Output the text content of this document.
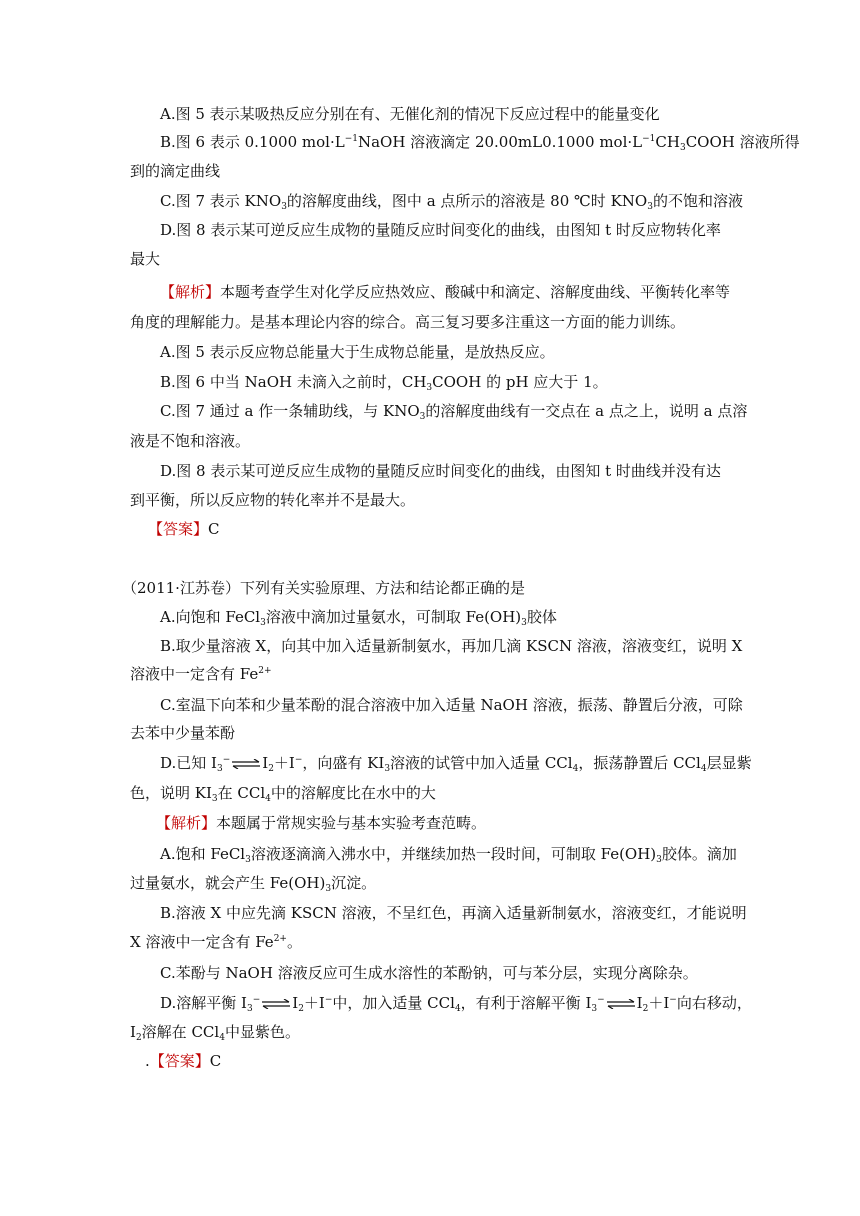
A.图 5 表示某吸热反应分别在有、无催化剂的情况下反应过程中的能量变化
B.图 6 表示 0.1000 $mol\cdot L^{-1}NaOH$ 溶液滴定 20.00mL0.1000 $mol\cdot L^{-1}CH_3COOH$ 溶液所得
到的滴定曲线
C.图 7 表示 $KNO_3$的溶解度曲线，图中 a 点所示的溶液是 80 ℃时 $KNO_3$的不饱和溶液
D.图 8 表示某可逆反应生成物的量随反应时间变化的曲线，由图知 t 时反应物转化率
最大
【解析】本题考查学生对化学反应热效应、酸碱中和滴定、溶解度曲线、平衡转化率等
角度的理解能力。是基本理论内容的综合。高三复习要多注重这一方面的能力训练。
A.图 5 表示反应物总能量大于生成物总能量，是放热反应。
B.图 6 中当 NaOH 未滴入之前时，$CH_3COOH$ 的 pH 应大于 1。
C.图 7 通过 a 作一条辅助线，与 $KNO_3$的溶解度曲线有一交点在 a 点之上，说明 a 点溶
液是不饱和溶液。
D.图 8 表示某可逆反应生成物的量随反应时间变化的曲线，由图知 t 时曲线并没有达
到平衡，所以反应物的转化率并不是最大。
【答案】C
（2011·江苏卷）下列有关实验原理、方法和结论都正确的是
A.向饱和 FeCl$_3$溶液中滴加过量氨水，可制取 $Fe(OH)_3$胶体
B.取少量溶液 X，向其中加入适量新制氨水，再加几滴 KSCN 溶液，溶液变红，说明 X
溶液中一定含有 $Fe^{2+}$
C.室温下向苯和少量苯酚的混合溶液中加入适量 NaOH 溶液，振荡、静置后分液，可除
去苯中少量苯酚
D.已知 $I_3^-\rightleftharpoons I_2+I^-$，向盛有 $KI_3$溶液的试管中加入适量 CCl$_4$，振荡静置后 CCl$_4$层显紫
色，说明 $KI_3$在 CCl$_4$中的溶解度比在水中的大
【解析】本题属于常规实验与基本实验考查范畴。
A.饱和 FeCl$_3$溶液逐滴滴入沸水中，并继续加热一段时间，可制取 $Fe(OH)_3$胶体。滴加
过量氨水，就会产生 $Fe(OH)_3$沉淀。
B.溶液 X 中应先滴 KSCN 溶液，不呈红色，再滴入适量新制氨水，溶液变红，才能说明
X 溶液中一定含有 $Fe^{2+}$。
C.苯酚与 NaOH 溶液反应可生成水溶性的苯酚钠，可与苯分层，实现分离除杂。
D.溶解平衡 $I_3^-\rightleftharpoons I_2+I^-$中，加入适量 CCl$_4$，有利于溶解平衡 $I_3^-\rightleftharpoons I_2+I^-$向右移动，
$I_2$溶解在 CCl$_4$中显紫色。
.【答案】C
